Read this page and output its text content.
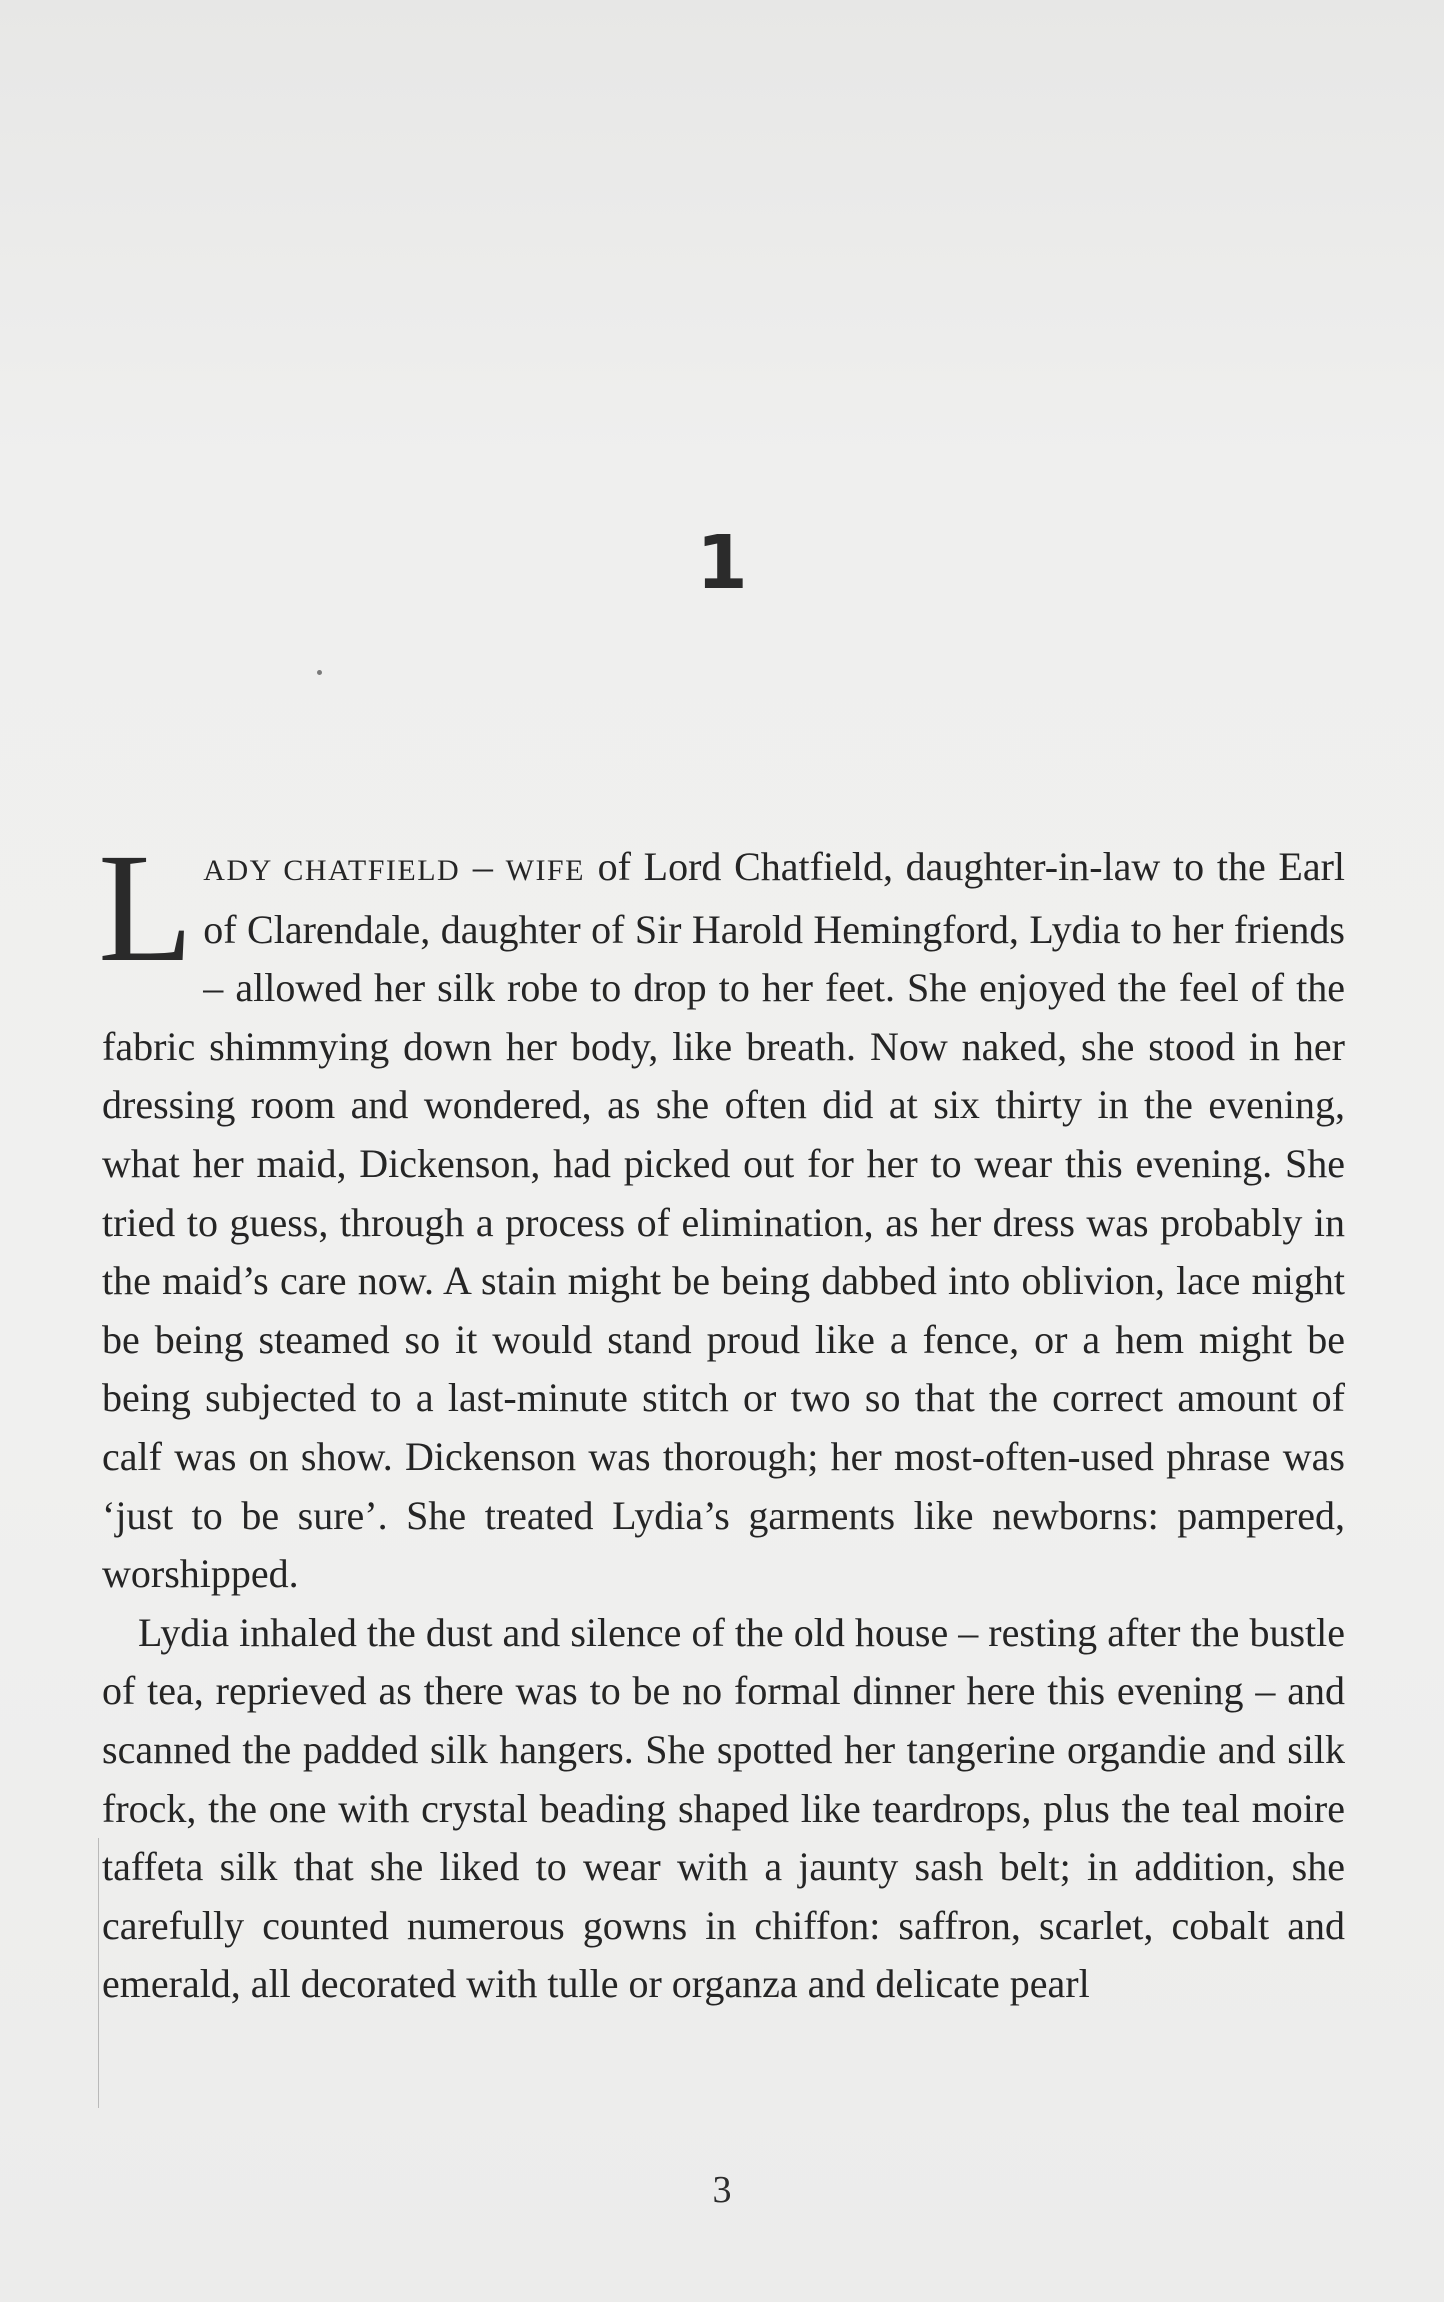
1

LADY CHATFIELD – WIFE of Lord Chatfield, daughter-in-law to the Earl of Clarendale, daughter of Sir Harold Hemingford, Lydia to her friends – allowed her silk robe to drop to her feet. She enjoyed the feel of the fabric shimmying down her body, like breath. Now naked, she stood in her dressing room and wondered, as she often did at six thirty in the evening, what her maid, Dickenson, had picked out for her to wear this evening. She tried to guess, through a process of elimination, as her dress was probably in the maid’s care now. A stain might be being dabbed into oblivion, lace might be being steamed so it would stand proud like a fence, or a hem might be being subjected to a last-minute stitch or two so that the correct amount of calf was on show. Dickenson was thorough; her most-often-used phrase was ‘just to be sure’. She treated Lydia’s garments like newborns: pampered, worshipped.

Lydia inhaled the dust and silence of the old house – resting after the bustle of tea, reprieved as there was to be no formal dinner here this evening – and scanned the padded silk hangers. She spotted her tangerine organdie and silk frock, the one with crystal beading shaped like teardrops, plus the teal moire taffeta silk that she liked to wear with a jaunty sash belt; in addition, she carefully counted numerous gowns in chiffon: saffron, scarlet, cobalt and emerald, all decorated with tulle or organza and delicate pearl

3
